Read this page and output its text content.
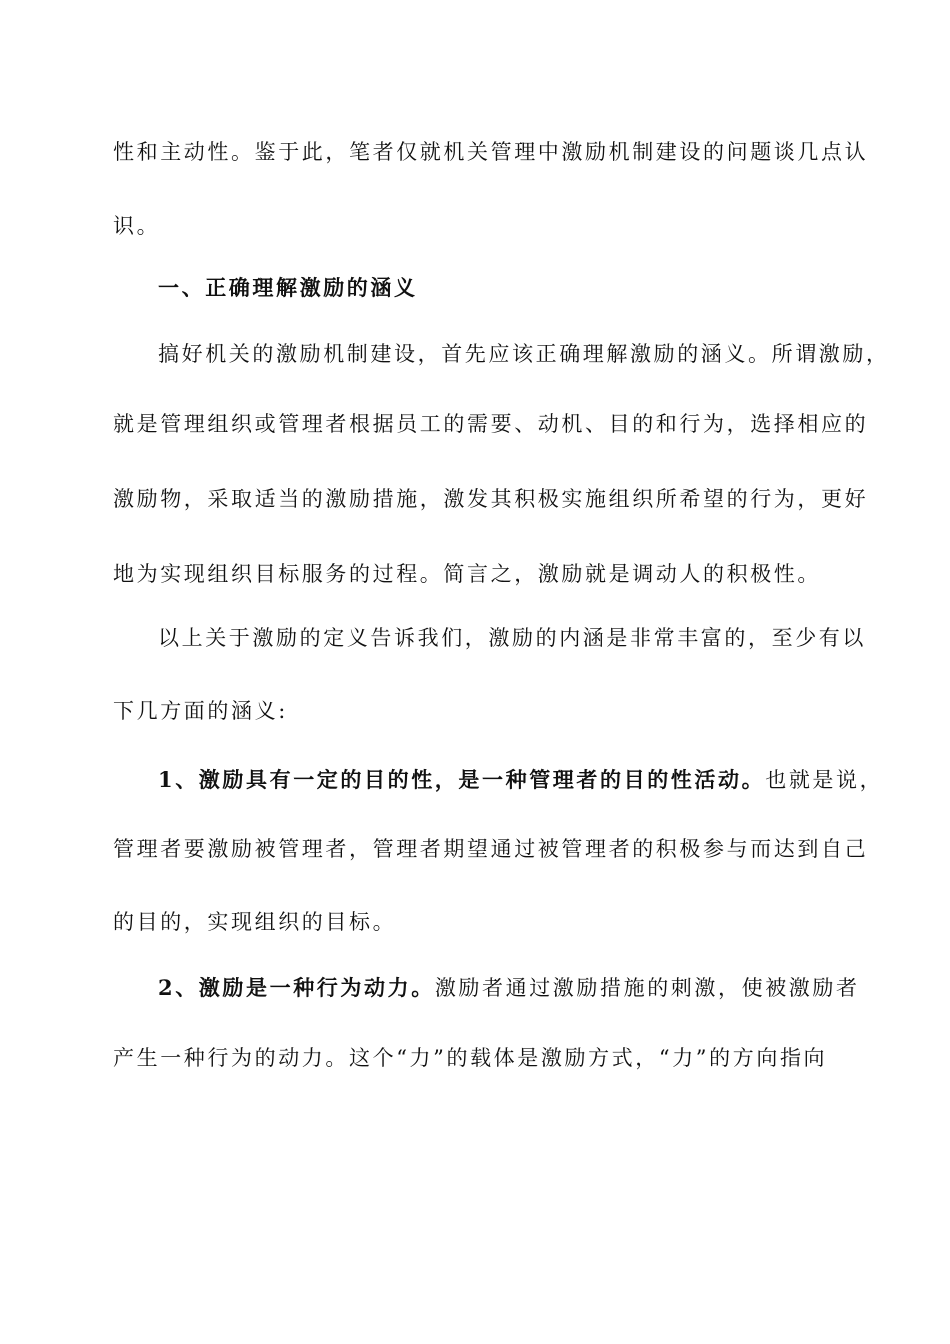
性和主动性。鉴于此，笔者仅就机关管理中激励机制建设的问题谈几点认
识。
一、正确理解激励的涵义
搞好机关的激励机制建设，首先应该正确理解激励的涵义。所谓激励，
就是管理组织或管理者根据员工的需要、动机、目的和行为，选择相应的
激励物，采取适当的激励措施，激发其积极实施组织所希望的行为，更好
地为实现组织目标服务的过程。简言之，激励就是调动人的积极性。
以上关于激励的定义告诉我们，激励的内涵是非常丰富的，至少有以
下几方面的涵义:
1、激励具有一定的目的性，是一种管理者的目的性活动。也就是说，
管理者要激励被管理者，管理者期望通过被管理者的积极参与而达到自己
的目的，实现组织的目标。
2、激励是一种行为动力。激励者通过激励措施的刺激，使被激励者
产生一种行为的动力。这个“力”的载体是激励方式，“力”的方向指向
